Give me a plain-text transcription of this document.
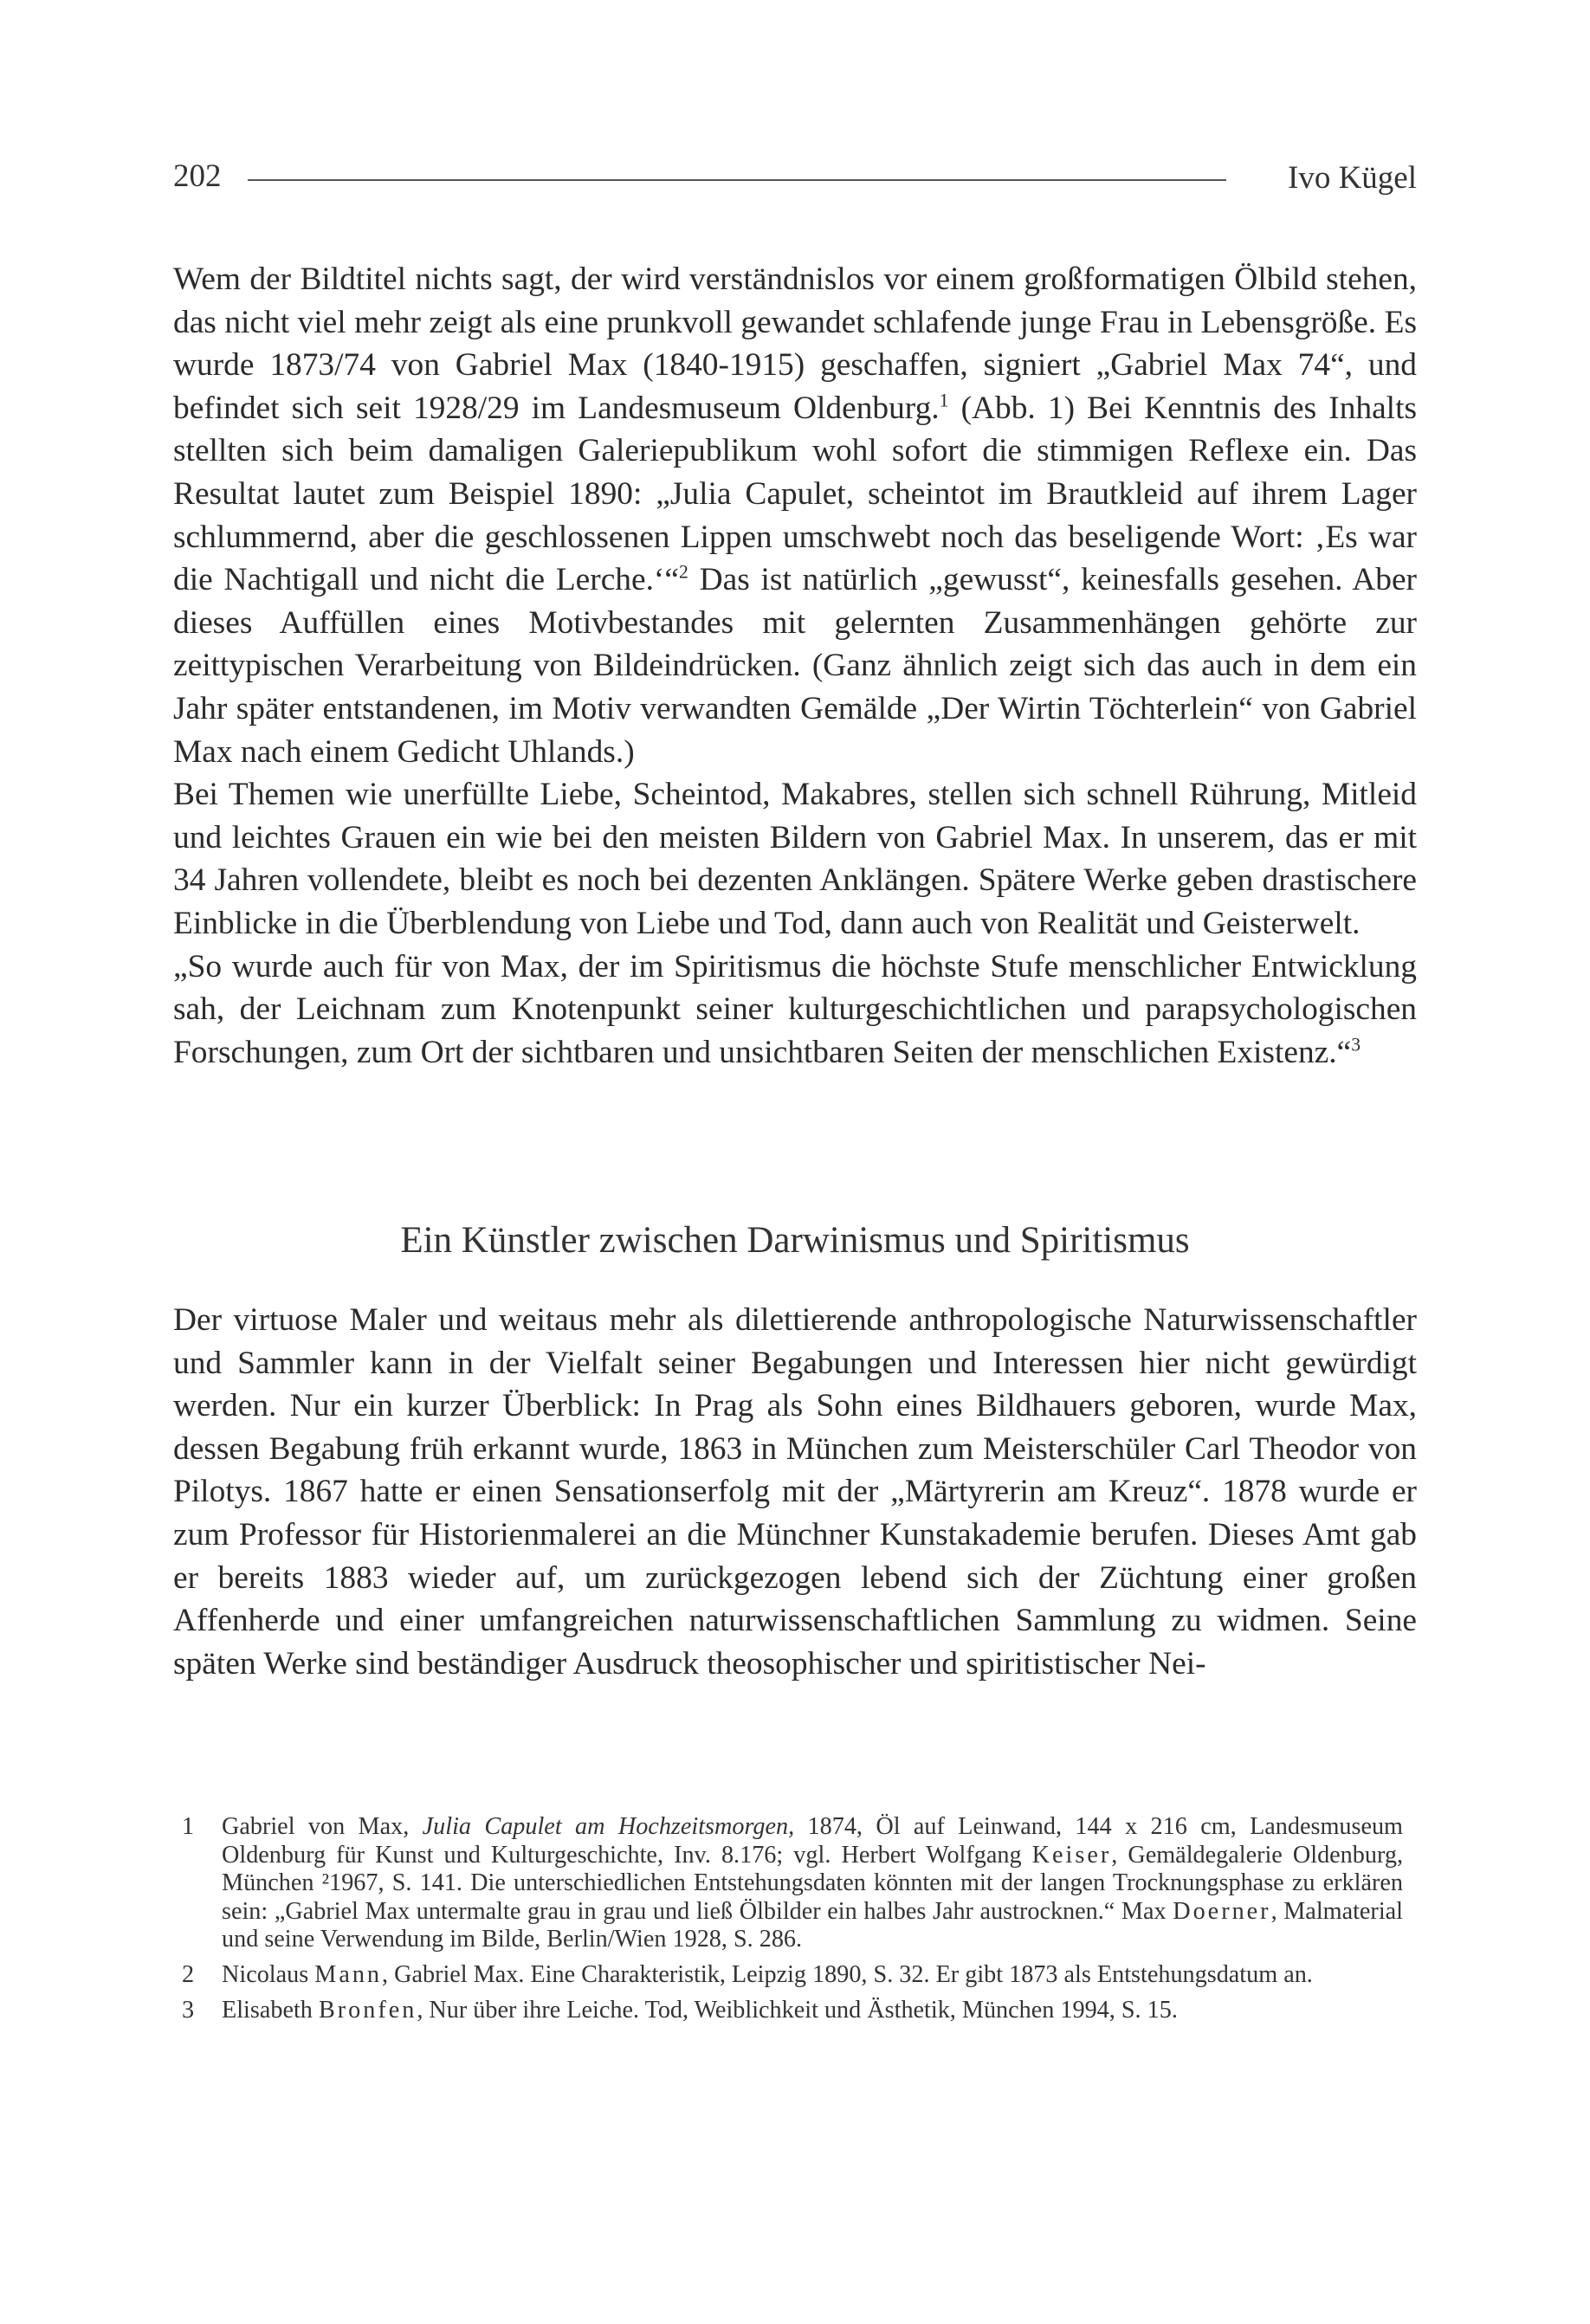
202	Ivo Kügel

Wem der Bildtitel nichts sagt, der wird verständnislos vor einem großformatigen Ölbild stehen, das nicht viel mehr zeigt als eine prunkvoll gewandet schlafende junge Frau in Lebensgröße. Es wurde 1873/74 von Gabriel Max (1840-1915) geschaffen, signiert „Gabriel Max 74“, und befindet sich seit 1928/29 im Landesmuseum Oldenburg.$^1$ (Abb. 1) Bei Kenntnis des Inhalts stellten sich beim damaligen Galeriepublikum wohl sofort die stimmigen Reflexe ein. Das Resultat lautet zum Beispiel 1890: „Julia Capulet, scheintot im Brautkleid auf ihrem Lager schlummernd, aber die geschlossenen Lippen umschwebt noch das beseligende Wort: ‚Es war die Nachtigall und nicht die Lerche.‘“$^2$ Das ist natürlich „gewusst“, keinesfalls gesehen. Aber dieses Auffüllen eines Motivbestandes mit gelernten Zusammenhängen gehörte zur zeittypischen Verarbeitung von Bildeindrücken. (Ganz ähnlich zeigt sich das auch in dem ein Jahr später entstandenen, im Motiv verwandten Gemälde „Der Wirtin Töchterlein“ von Gabriel Max nach einem Gedicht Uhlands.)

Bei Themen wie unerfüllte Liebe, Scheintod, Makabres, stellen sich schnell Rührung, Mitleid und leichtes Grauen ein wie bei den meisten Bildern von Gabriel Max. In unserem, das er mit 34 Jahren vollendete, bleibt es noch bei dezenten Anklängen. Spätere Werke geben drastischere Einblicke in die Überblendung von Liebe und Tod, dann auch von Realität und Geisterwelt.

„So wurde auch für von Max, der im Spiritismus die höchste Stufe menschlicher Entwicklung sah, der Leichnam zum Knotenpunkt seiner kulturgeschichtlichen und parapsychologischen Forschungen, zum Ort der sichtbaren und unsichtbaren Seiten der menschlichen Existenz.“$^3$

Ein Künstler zwischen Darwinismus und Spiritismus

Der virtuose Maler und weitaus mehr als dilettierende anthropologische Naturwissenschaftler und Sammler kann in der Vielfalt seiner Begabungen und Interessen hier nicht gewürdigt werden. Nur ein kurzer Überblick: In Prag als Sohn eines Bildhauers geboren, wurde Max, dessen Begabung früh erkannt wurde, 1863 in München zum Meisterschüler Carl Theodor von Pilotys. 1867 hatte er einen Sensationserfolg mit der „Märtyrerin am Kreuz“. 1878 wurde er zum Professor für Historienmalerei an die Münchner Kunstakademie berufen. Dieses Amt gab er bereits 1883 wieder auf, um zurückgezogen lebend sich der Züchtung einer großen Affenherde und einer umfangreichen naturwissenschaftlichen Sammlung zu widmen. Seine späten Werke sind beständiger Ausdruck theosophischer und spiritistischer Nei-

1 Gabriel von Max, Julia Capulet am Hochzeitsmorgen, 1874, Öl auf Leinwand, 144 x 216 cm, Landesmuseum Oldenburg für Kunst und Kulturgeschichte, Inv. 8.176; vgl. Herbert Wolfgang Keiser, Gemäldegalerie Oldenburg, München ²1967, S. 141. Die unterschiedlichen Entstehungsdaten könnten mit der langen Trocknungsphase zu erklären sein: „Gabriel Max untermalte grau in grau und ließ Ölbilder ein halbes Jahr austrocknen.“ Max Doerner, Malmaterial und seine Verwendung im Bilde, Berlin/Wien 1928, S. 286.

2 Nicolaus Mann, Gabriel Max. Eine Charakteristik, Leipzig 1890, S. 32. Er gibt 1873 als Entstehungsdatum an.

3 Elisabeth Bronfen, Nur über ihre Leiche. Tod, Weiblichkeit und Ästhetik, München 1994, S. 15.
